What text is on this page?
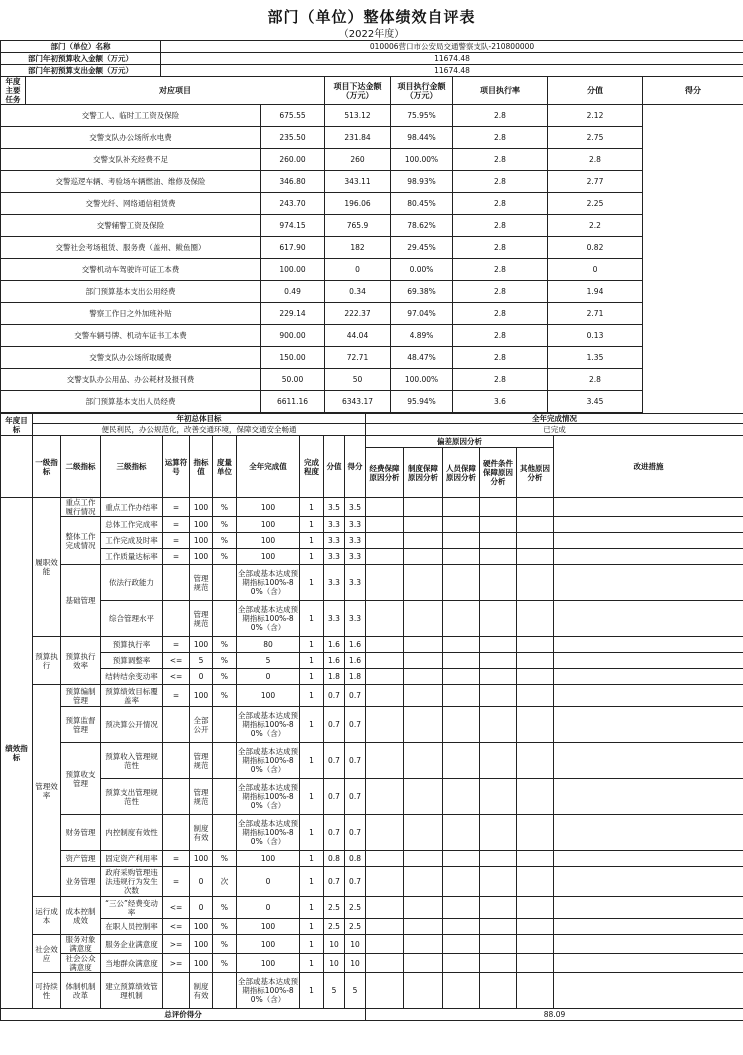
部门（单位）整体绩效自评表
（2022年度）
部门（单位）名称		010006营口市公安局交通警察支队-210800000						
部门年初预算收入金额（万元）		11674.48						
部门年初预算支出金额（万元）		11674.48						
年度主要任务	对应项目			项目下达金额（万元）	项目执行金额（万元）	项目执行率	分值	得分
交警工人、临时工工资及保险			675.55	513.12	75.95%	2.8	2.12	
交警支队办公场所水电费			235.50	231.84	98.44%	2.8	2.75	
交警支队补充经费不足			260.00	260	100.00%	2.8	2.8	
交警巡逻车辆、考验场车辆燃油、维修及保险			346.80	343.11	98.93%	2.8	2.77	
交警光纤、网络通信租赁费			243.70	196.06	80.45%	2.8	2.25	
交警辅警工资及保险			974.15	765.9	78.62%	2.8	2.2	
交警社会考场租赁、服务费（盖州、鲅鱼圈）			617.90	182	29.45%	2.8	0.82	
交警机动车驾驶许可证工本费			100.00	0	0.00%	2.8	0	
部门预算基本支出公用经费			0.49	0.34	69.38%	2.8	1.94	
警察工作日之外加班补贴			229.14	222.37	97.04%	2.8	2.71	
交警车辆号牌、机动车证书工本费			900.00	44.04	4.89%	2.8	0.13	
交警支队办公场所取暖费			150.00	72.71	48.47%	2.8	1.35	
交警支队办公用品、办公耗材及报刊费			50.00	50	100.00%	2.8	2.8	
部门预算基本支出人员经费			6611.16	6343.17	95.94%	3.6	3.45	
年度目标	年初总体目标										全年完成情况					
	便民利民，办公规范化，改善交通环境，保障交通安全畅通										已完成					
	一级指标	二级指标	三级指标	运算符号	指标值	度量单位	全年完成值	完成程度	分值	得分	偏差原因分析					改进措施
											经费保障原因分析	制度保障原因分析	人员保障原因分析	硬件条件保障原因分析	其他原因分析	
绩效指标	履职效能	重点工作履行情况	重点工作办结率	=	100	%	100	1	3.5	3.5						
		整体工作完成情况	总体工作完成率	=	100	%	100	1	3.3	3.3						
			工作完成及时率	=	100	%	100	1	3.3	3.3						
			工作质量达标率	=	100	%	100	1	3.3	3.3						
		基础管理	依法行政能力		管理规范		全部或基本达成预期指标100%-80%（含）	1	3.3	3.3						
			综合管理水平		管理规范		全部或基本达成预期指标100%-80%（含）	1	3.3	3.3						
	预算执行	预算执行效率	预算执行率	=	100	%	80	1	1.6	1.6						
			预算调整率	<=	5	%	5	1	1.6	1.6						
			结转结余变动率	<=	0	%	0	1	1.8	1.8						
	管理效率	预算编制管理	预算绩效目标覆盖率	=	100	%	100	1	0.7	0.7						
		预算监督管理	预决算公开情况		全部公开		全部或基本达成预期指标100%-80%（含）	1	0.7	0.7						
		预算收支管理	预算收入管理规范性		管理规范		全部或基本达成预期指标100%-80%（含）	1	0.7	0.7						
			预算支出管理规范性		管理规范		全部或基本达成预期指标100%-80%（含）	1	0.7	0.7						
		财务管理	内控制度有效性		制度有效		全部或基本达成预期指标100%-80%（含）	1	0.7	0.7						
		资产管理	固定资产利用率	=	100	%	100	1	0.8	0.8						
		业务管理	政府采购管理违法违规行为发生次数	=	0	次	0	1	0.7	0.7						
	运行成本	成本控制成效	“三公”经费变动率	<=	0	%	0	1	2.5	2.5						
			在职人员控制率	<=	100	%	100	1	2.5	2.5						
	社会效应	服务对象满意度	服务企业满意度	>=	100	%	100	1	10	10						
		社会公众满意度	当地群众满意度	>=	100	%	100	1	10	10						
	可持续性	体制机制改革	建立预算绩效管理机制		制度有效		全部或基本达成预期指标100%-80%（含）	1	5	5						
总评价得分											88.09					
